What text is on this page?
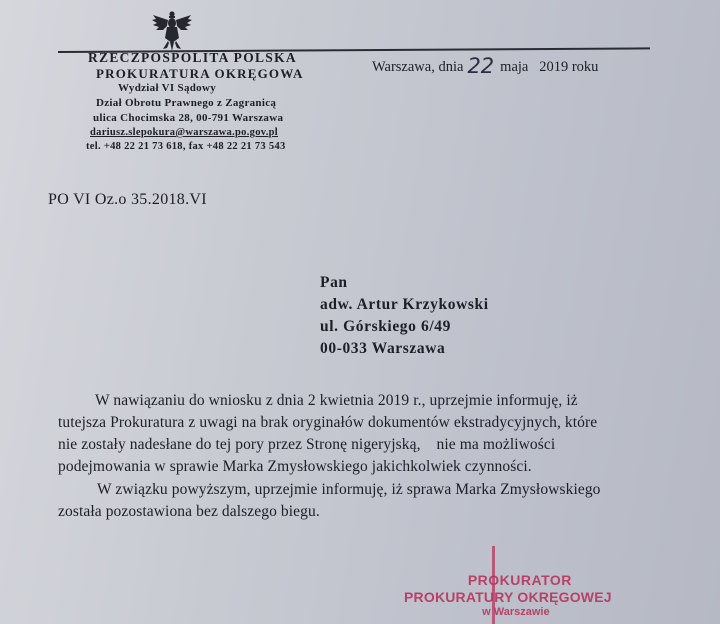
RZECZPOSPOLITA POLSKA
PROKURATURA OKRĘGOWA
Wydział VI Sądowy
Dział Obrotu Prawnego z Zagranicą
ulica Chocimska 28, 00-791 Warszawa
dariusz.slepokura@warszawa.po.gov.pl
tel. +48 22 21 73 618, fax +48 22 21 73 543
Warszawa, dnia 22 maja   2019 roku
PO VI Oz.o 35.2018.VI
Pan
adw. Artur Krzykowski
ul. Górskiego 6/49
00-033 Warszawa
W nawiązaniu do wniosku z dnia 2 kwietnia 2019 r., uprzejmie informuję, iż
tutejsza Prokuratura z uwagi na brak oryginałów dokumentów ekstradycyjnych, które
nie zostały nadesłane do tej pory przez Stronę nigeryjską,    nie ma możliwości
podejmowania w sprawie Marka Zmysłowskiego jakichkolwiek czynności.
W związku powyższym, uprzejmie informuję, iż sprawa Marka Zmysłowskiego
została pozostawiona bez dalszego biegu.
PROKURATOR
PROKURATURY OKRĘGOWEJ
w Warszawie
